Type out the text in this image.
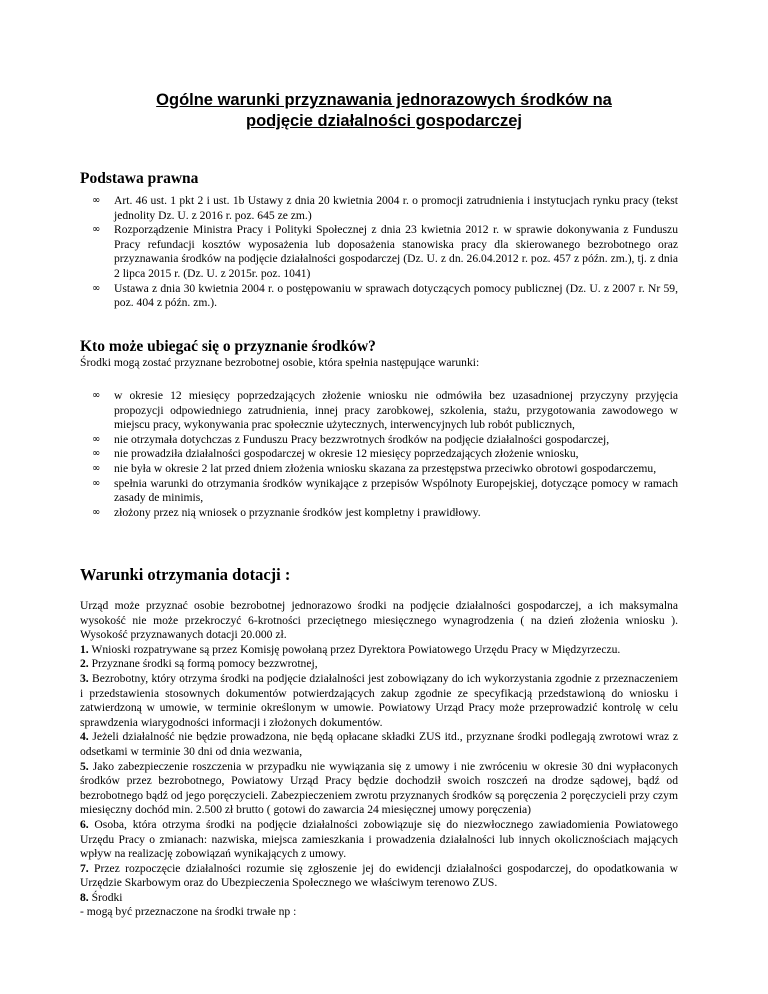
Ogólne warunki przyznawania jednorazowych środków na
podjęcie działalności gospodarczej
Podstawa prawna
∞ Art. 46 ust. 1 pkt 2 i ust. 1b Ustawy z dnia 20 kwietnia 2004 r. o promocji zatrudnienia i instytucjach rynku pracy (tekst jednolity Dz. U. z 2016 r. poz. 645 ze zm.)
∞ Rozporządzenie Ministra Pracy i Polityki Społecznej z dnia 23 kwietnia 2012 r. w sprawie dokonywania z Funduszu Pracy refundacji kosztów wyposażenia lub doposażenia stanowiska pracy dla skierowanego bezrobotnego oraz przyznawania środków na podjęcie działalności gospodarczej (Dz. U. z dn. 26.04.2012 r. poz. 457 z późn. zm.), tj. z dnia 2 lipca 2015 r. (Dz. U. z 2015r. poz. 1041)
∞ Ustawa z dnia 30 kwietnia 2004 r. o postępowaniu w sprawach dotyczących pomocy publicznej (Dz. U. z 2007 r. Nr 59, poz. 404 z późn. zm.).
Kto może ubiegać się o przyznanie środków?
Środki mogą zostać przyznane bezrobotnej osobie, która spełnia następujące warunki:
∞ w okresie 12 miesięcy poprzedzających złożenie wniosku nie odmówiła bez uzasadnionej przyczyny przyjęcia propozycji odpowiedniego zatrudnienia, innej pracy zarobkowej, szkolenia, stażu, przygotowania zawodowego w miejscu pracy, wykonywania prac społecznie użytecznych, interwencyjnych lub robót publicznych,
∞ nie otrzymała dotychczas z Funduszu Pracy bezzwrotnych środków na podjęcie działalności gospodarczej,
∞ nie prowadziła działalności gospodarczej w okresie 12 miesięcy poprzedzających złożenie wniosku,
∞ nie była w okresie 2 lat przed dniem złożenia wniosku skazana za przestępstwa przeciwko obrotowi gospodarczemu,
∞ spełnia warunki do otrzymania środków wynikające z przepisów Wspólnoty Europejskiej, dotyczące pomocy w ramach zasady de minimis,
∞ złożony przez nią wniosek o przyznanie środków jest kompletny i prawidłowy.
Warunki otrzymania dotacji :
Urząd może przyznać osobie bezrobotnej jednorazowo środki na podjęcie działalności gospodarczej, a ich maksymalna wysokość nie może przekroczyć 6-krotności przeciętnego miesięcznego wynagrodzenia ( na dzień złożenia wniosku ). Wysokość przyznawanych dotacji 20.000 zł.
1. Wnioski rozpatrywane są przez Komisję powołaną przez Dyrektora Powiatowego Urzędu Pracy w Międzyrzeczu.
2. Przyznane środki są formą pomocy bezzwrotnej,
3. Bezrobotny, który otrzyma środki na podjęcie działalności jest zobowiązany do ich wykorzystania zgodnie z przeznaczeniem i przedstawienia stosownych dokumentów potwierdzających zakup zgodnie ze specyfikacją przedstawioną do wniosku i zatwierdzoną w umowie, w terminie określonym w umowie. Powiatowy Urząd Pracy może przeprowadzić kontrolę w celu sprawdzenia wiarygodności informacji i złożonych dokumentów.
4. Jeżeli działalność nie będzie prowadzona, nie będą opłacane składki ZUS itd., przyznane środki podlegają zwrotowi wraz z odsetkami w terminie 30 dni od dnia wezwania,
5. Jako zabezpieczenie roszczenia w przypadku nie wywiązania się z umowy i nie zwróceniu w okresie 30 dni wypłaconych środków przez bezrobotnego, Powiatowy Urząd Pracy będzie dochodził swoich roszczeń na drodze sądowej, bądź od bezrobotnego bądź od jego poręczycieli. Zabezpieczeniem zwrotu przyznanych środków są poręczenia 2 poręczycieli przy czym miesięczny dochód min. 2.500 zł brutto ( gotowi do zawarcia 24 miesięcznej umowy poręczenia)
6. Osoba, która otrzyma środki na podjęcie działalności zobowiązuje się do niezwłocznego zawiadomienia Powiatowego Urzędu Pracy o zmianach: nazwiska, miejsca zamieszkania i prowadzenia działalności lub innych okolicznościach mających wpływ na realizację zobowiązań wynikających z umowy.
7. Przez rozpoczęcie działalności rozumie się zgłoszenie jej do ewidencji działalności gospodarczej, do opodatkowania w Urzędzie Skarbowym oraz do Ubezpieczenia Społecznego we właściwym terenowo ZUS.
8. Środki
- mogą być przeznaczone na środki trwałe np :
